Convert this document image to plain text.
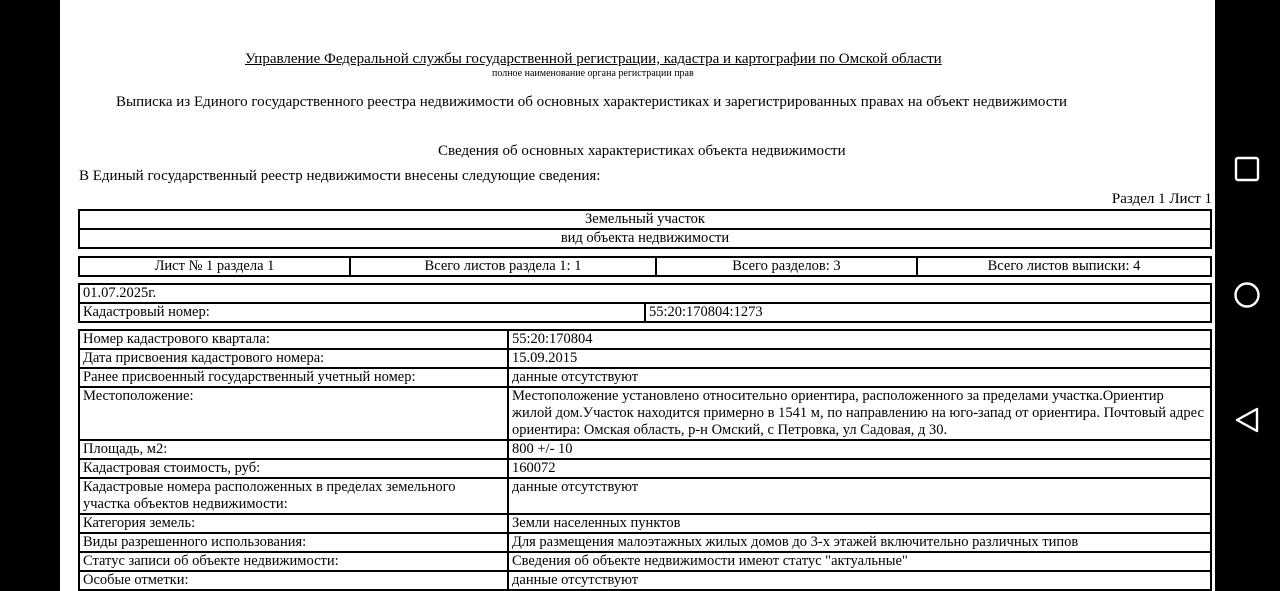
Управление Федеральной службы государственной регистрации, кадастра и картографии по Омской области
полное наименование органа регистрации прав
Выписка из Единого государственного реестра недвижимости об основных характеристиках и зарегистрированных правах на объект недвижимости
Сведения об основных характеристиках объекта недвижимости
В Единый государственный реестр недвижимости внесены следующие сведения:
Раздел 1 Лист 1
Земельный участок
вид объекта недвижимости
Лист № 1 раздела 1	Всего листов раздела 1: 1	Всего разделов: 3	Всего листов выписки: 4
01.07.2025г.
Кадастровый номер:	55:20:170804:1273
Номер кадастрового квартала:	55:20:170804
Дата присвоения кадастрового номера:	15.09.2015
Ранее присвоенный государственный учетный номер:	данные отсутствуют
Местоположение:	Местоположение установлено относительно ориентира, расположенного за пределами участка.Ориентир жилой дом.Участок находится примерно в 1541 м, по направлению на юго-запад от ориентира. Почтовый адрес ориентира: Омская область, р-н Омский, с Петровка, ул Садовая, д 30.
Площадь, м2:	800 +/- 10
Кадастровая стоимость, руб:	160072
Кадастровые номера расположенных в пределах земельного участка объектов недвижимости:	данные отсутствуют
Категория земель:	Земли населенных пунктов
Виды разрешенного использования:	Для размещения малоэтажных жилых домов до 3-х этажей включительно различных типов
Статус записи об объекте недвижимости:	Сведения об объекте недвижимости имеют статус "актуальные"
Особые отметки:	данные отсутствуют
